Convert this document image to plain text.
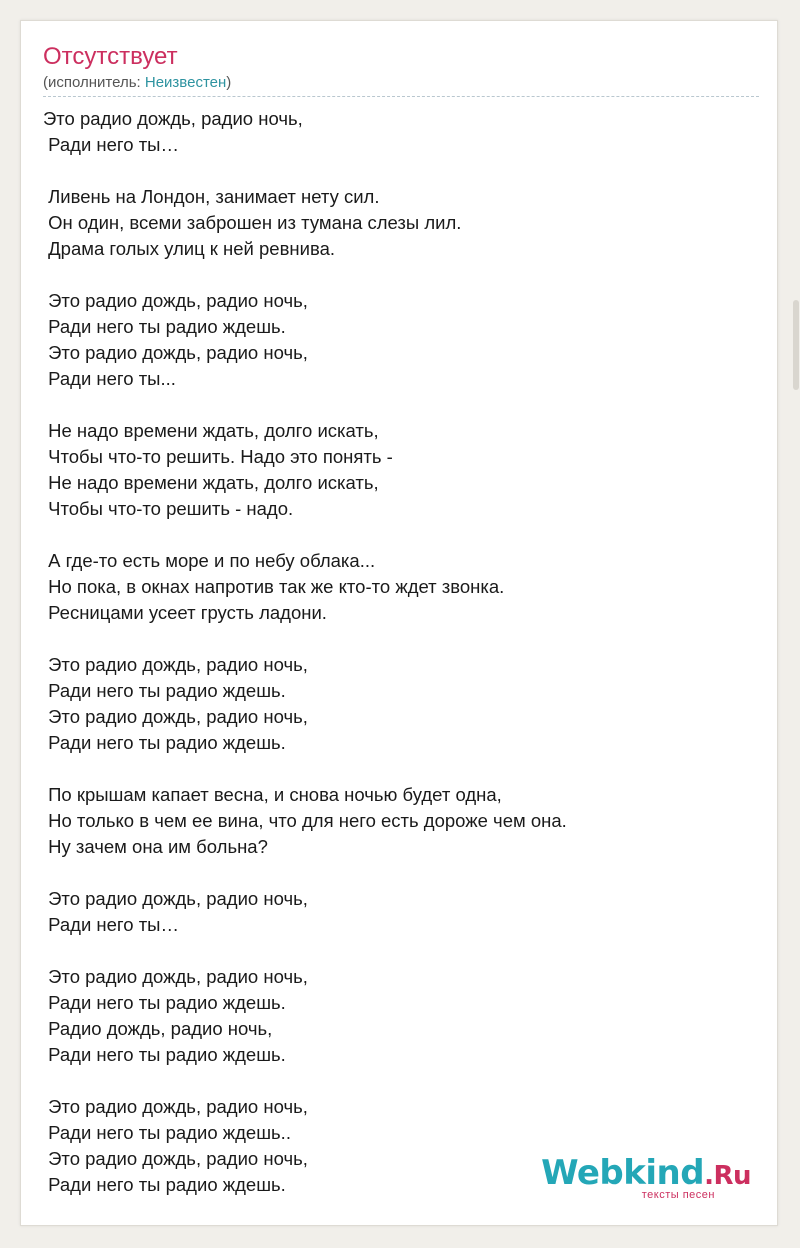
Отсутствует
(исполнитель: Неизвестен)
Это радио дождь, радио ночь,
Ради него ты…
Ливень на Лондон, занимает нету сил.
Он один, всеми заброшен из тумана слезы лил.
Драма голых улиц к ней ревнива.
Это радио дождь, радио ночь,
Ради него ты радио ждешь.
Это радио дождь, радио ночь,
Ради него ты...
Не надо времени ждать, долго искать,
Чтобы что-то решить. Надо это понять -
Не надо времени ждать, долго искать,
Чтобы что-то решить - надо.
А где-то есть море и по небу облака...
Но пока, в окнах напротив так же кто-то ждет звонка.
Ресницами усеет грусть ладони.
Это радио дождь, радио ночь,
Ради него ты радио ждешь.
Это радио дождь, радио ночь,
Ради него ты радио ждешь.
По крышам капает весна, и снова ночью будет одна,
Но только в чем ее вина, что для него есть дороже чем она.
Ну зачем она им больна?
Это радио дождь, радио ночь,
Ради него ты…
Это радио дождь, радио ночь,
Ради него ты радио ждешь.
Радио дождь, радио ночь,
Ради него ты радио ждешь.
Это радио дождь, радио ночь,
Ради него ты радио ждешь..
Это радио дождь, радио ночь,
Ради него ты радио ждешь.	Webkind.Ru
тексты песен
